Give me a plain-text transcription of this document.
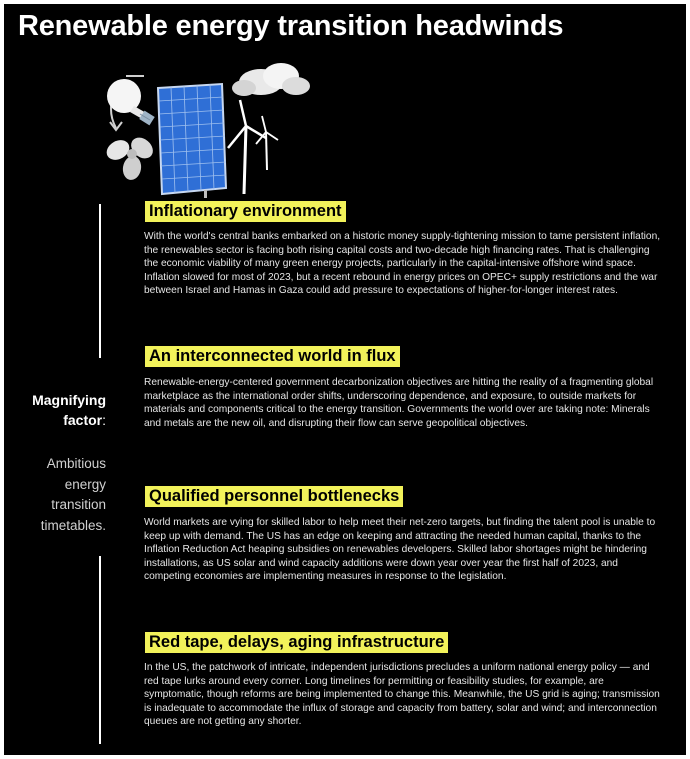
Renewable energy transition headwinds
Magnifying
factor:
Ambitious
energy
transition
timetables.
Inflationary environment
With the world's central banks embarked on a historic money supply-tightening mission to tame persistent inflation, the renewables sector is facing both rising capital costs and two-decade high financing rates. That is challenging the economic viability of many green energy projects, particularly in the capital-intensive offshore wind space. Inflation slowed for most of 2023, but a recent rebound in energy prices on OPEC+ supply restrictions and the war between Israel and Hamas in Gaza could add pressure to expectations of higher-for-longer interest rates.
An interconnected world in flux
Renewable-energy-centered government decarbonization objectives are hitting the reality of a fragmenting global marketplace as the international order shifts, underscoring dependence, and exposure, to outside markets for materials and components critical to the energy transition. Governments the world over are taking note: Minerals and metals are the new oil, and disrupting their flow can serve geopolitical objectives.
Qualified personnel bottlenecks
World markets are vying for skilled labor to help meet their net-zero targets, but finding the talent pool is unable to keep up with demand. The US has an edge on keeping and attracting the needed human capital, thanks to the Inflation Reduction Act heaping subsidies on renewables developers. Skilled labor shortages might be hindering installations, as US solar and wind capacity additions were down year over year the first half of 2023, and competing economies are implementing measures in response to the legislation.
Red tape, delays, aging infrastructure
In the US, the patchwork of intricate, independent jurisdictions precludes a uniform national energy policy — and red tape lurks around every corner. Long timelines for permitting or feasibility studies, for example, are symptomatic, though reforms are being implemented to change this. Meanwhile, the US grid is aging; transmission is inadequate to accommodate the influx of storage and capacity from battery, solar and wind; and interconnection queues are not getting any shorter.
